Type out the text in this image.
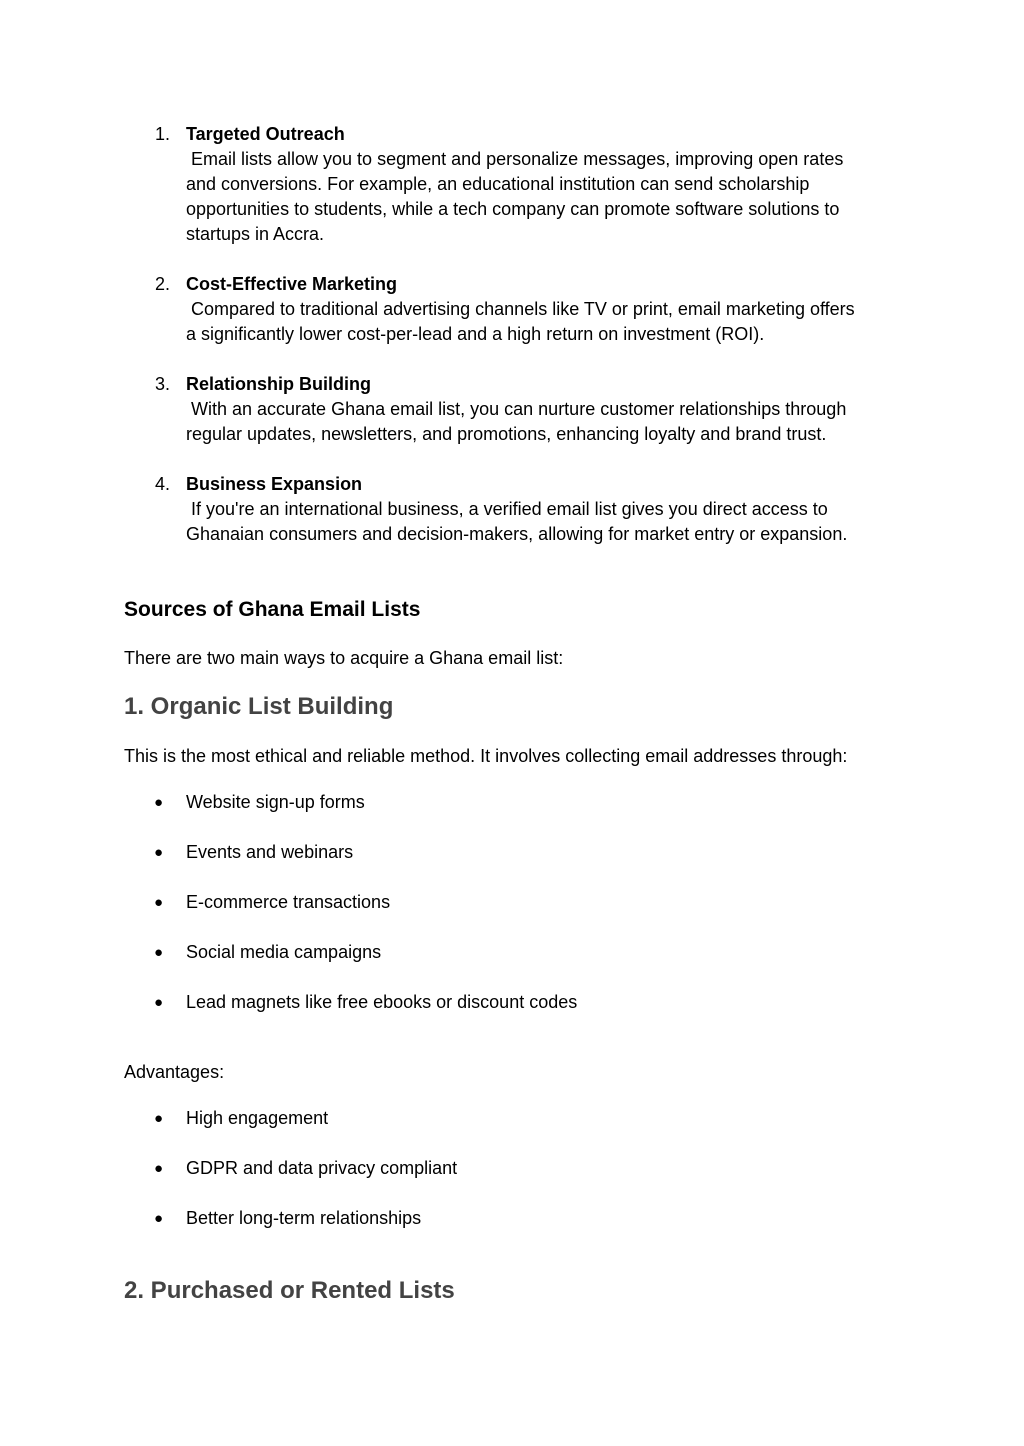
1. Targeted Outreach
Email lists allow you to segment and personalize messages, improving open rates
and conversions. For example, an educational institution can send scholarship
opportunities to students, while a tech company can promote software solutions to
startups in Accra.
2. Cost-Effective Marketing
Compared to traditional advertising channels like TV or print, email marketing offers
a significantly lower cost-per-lead and a high return on investment (ROI).
3. Relationship Building
With an accurate Ghana email list, you can nurture customer relationships through
regular updates, newsletters, and promotions, enhancing loyalty and brand trust.
4. Business Expansion
If you're an international business, a verified email list gives you direct access to
Ghanaian consumers and decision-makers, allowing for market entry or expansion.
Sources of Ghana Email Lists
There are two main ways to acquire a Ghana email list:
1. Organic List Building
This is the most ethical and reliable method. It involves collecting email addresses through:
● Website sign-up forms
● Events and webinars
● E-commerce transactions
● Social media campaigns
● Lead magnets like free ebooks or discount codes
Advantages:
● High engagement
● GDPR and data privacy compliant
● Better long-term relationships
2. Purchased or Rented Lists
